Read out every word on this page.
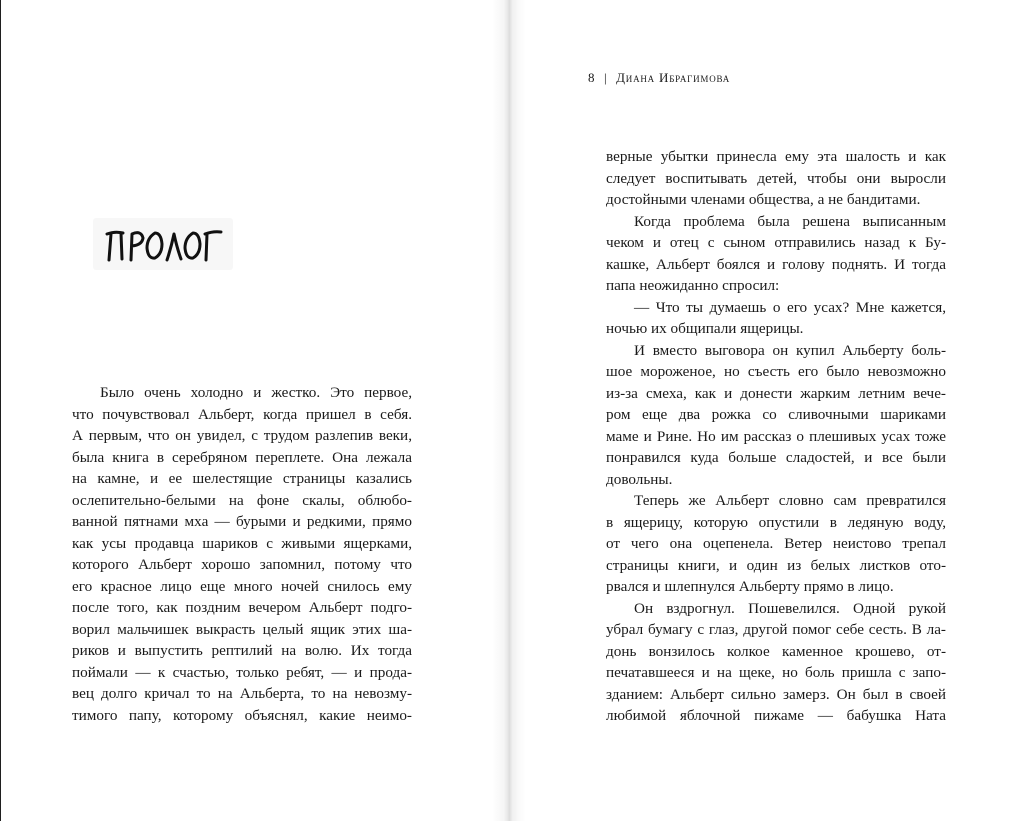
ПРОЛОГ
Было очень холодно и жестко. Это первое,
что почувствовал Альберт, когда пришел в себя.
А первым, что он увидел, с трудом разлепив веки,
была книга в серебряном переплете. Она лежала
на камне, и ее шелестящие страницы казались
ослепительно-белыми на фоне скалы, облюбо-
ванной пятнами мха — бурыми и редкими, прямо
как усы продавца шариков с живыми ящерками,
которого Альберт хорошо запомнил, потому что
его красное лицо еще много ночей снилось ему
после того, как поздним вечером Альберт подго-
ворил мальчишек выкрасть целый ящик этих ша-
риков и выпустить рептилий на волю. Их тогда
поймали — к счастью, только ребят, — и прода-
вец долго кричал то на Альберта, то на невозму-
тимого папу, которому объяснял, какие неимо-
8 | Диана Ибрагимова
верные убытки принесла ему эта шалость и как
следует воспитывать детей, чтобы они выросли
достойными членами общества, а не бандитами.
Когда проблема была решена выписанным
чеком и отец с сыном отправились назад к Бу-
кашке, Альберт боялся и голову поднять. И тогда
папа неожиданно спросил:
— Что ты думаешь о его усах? Мне кажется,
ночью их общипали ящерицы.
И вместо выговора он купил Альберту боль-
шое мороженое, но съесть его было невозможно
из-за смеха, как и донести жарким летним вече-
ром еще два рожка со сливочными шариками
маме и Рине. Но им рассказ о плешивых усах тоже
понравился куда больше сладостей, и все были
довольны.
Теперь же Альберт словно сам превратился
в ящерицу, которую опустили в ледяную воду,
от чего она оцепенела. Ветер неистово трепал
страницы книги, и один из белых листков ото-
рвался и шлепнулся Альберту прямо в лицо.
Он вздрогнул. Пошевелился. Одной рукой
убрал бумагу с глаз, другой помог себе сесть. В ла-
донь вонзилось колкое каменное крошево, от-
печатавшееся и на щеке, но боль пришла с запо-
зданием: Альберт сильно замерз. Он был в своей
любимой яблочной пижаме — бабушка Ната
